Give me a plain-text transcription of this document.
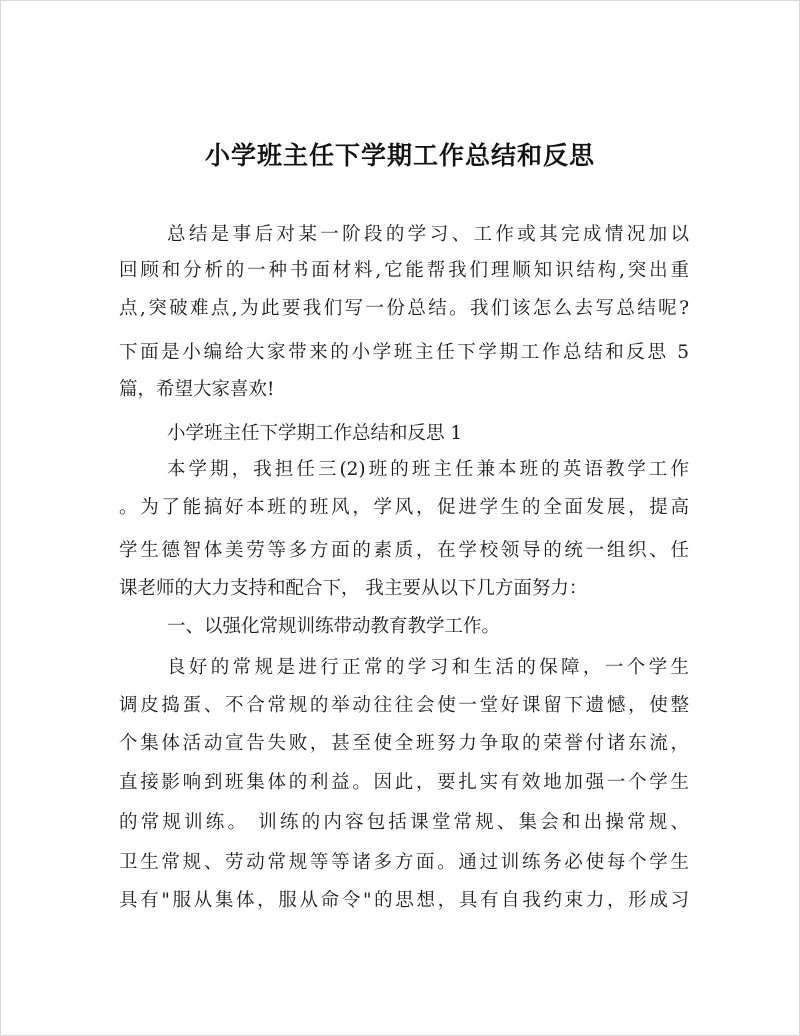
小学班主任下学期工作总结和反思
总结是事后对某一阶段的学习、工作或其完成情况加以
回顾和分析的一种书面材料,它能帮我们理顺知识结构,突出重
点,突破难点,为此要我们写一份总结。我们该怎么去写总结呢?
下面是小编给大家带来的小学班主任下学期工作总结和反思 5
篇，希望大家喜欢!
小学班主任下学期工作总结和反思 1
本学期，我担任三(2)班的班主任兼本班的英语教学工作
。为了能搞好本班的班风，学风，促进学生的全面发展，提高
学生德智体美劳等多方面的素质，在学校领导的统一组织、任
课老师的大力支持和配合下， 我主要从以下几方面努力：
一、以强化常规训练带动教育教学工作。
良好的常规是进行正常的学习和生活的保障，一个学生
调皮捣蛋、不合常规的举动往往会使一堂好课留下遗憾，使整
个集体活动宣告失败，甚至使全班努力争取的荣誉付诸东流，
直接影响到班集体的利益。因此，要扎实有效地加强一个学生
的常规训练。 训练的内容包括课堂常规、集会和出操常规、
卫生常规、劳动常规等等诸多方面。通过训练务必使每个学生
具有"服从集体，服从命令"的思想，具有自我约束力，形成习
